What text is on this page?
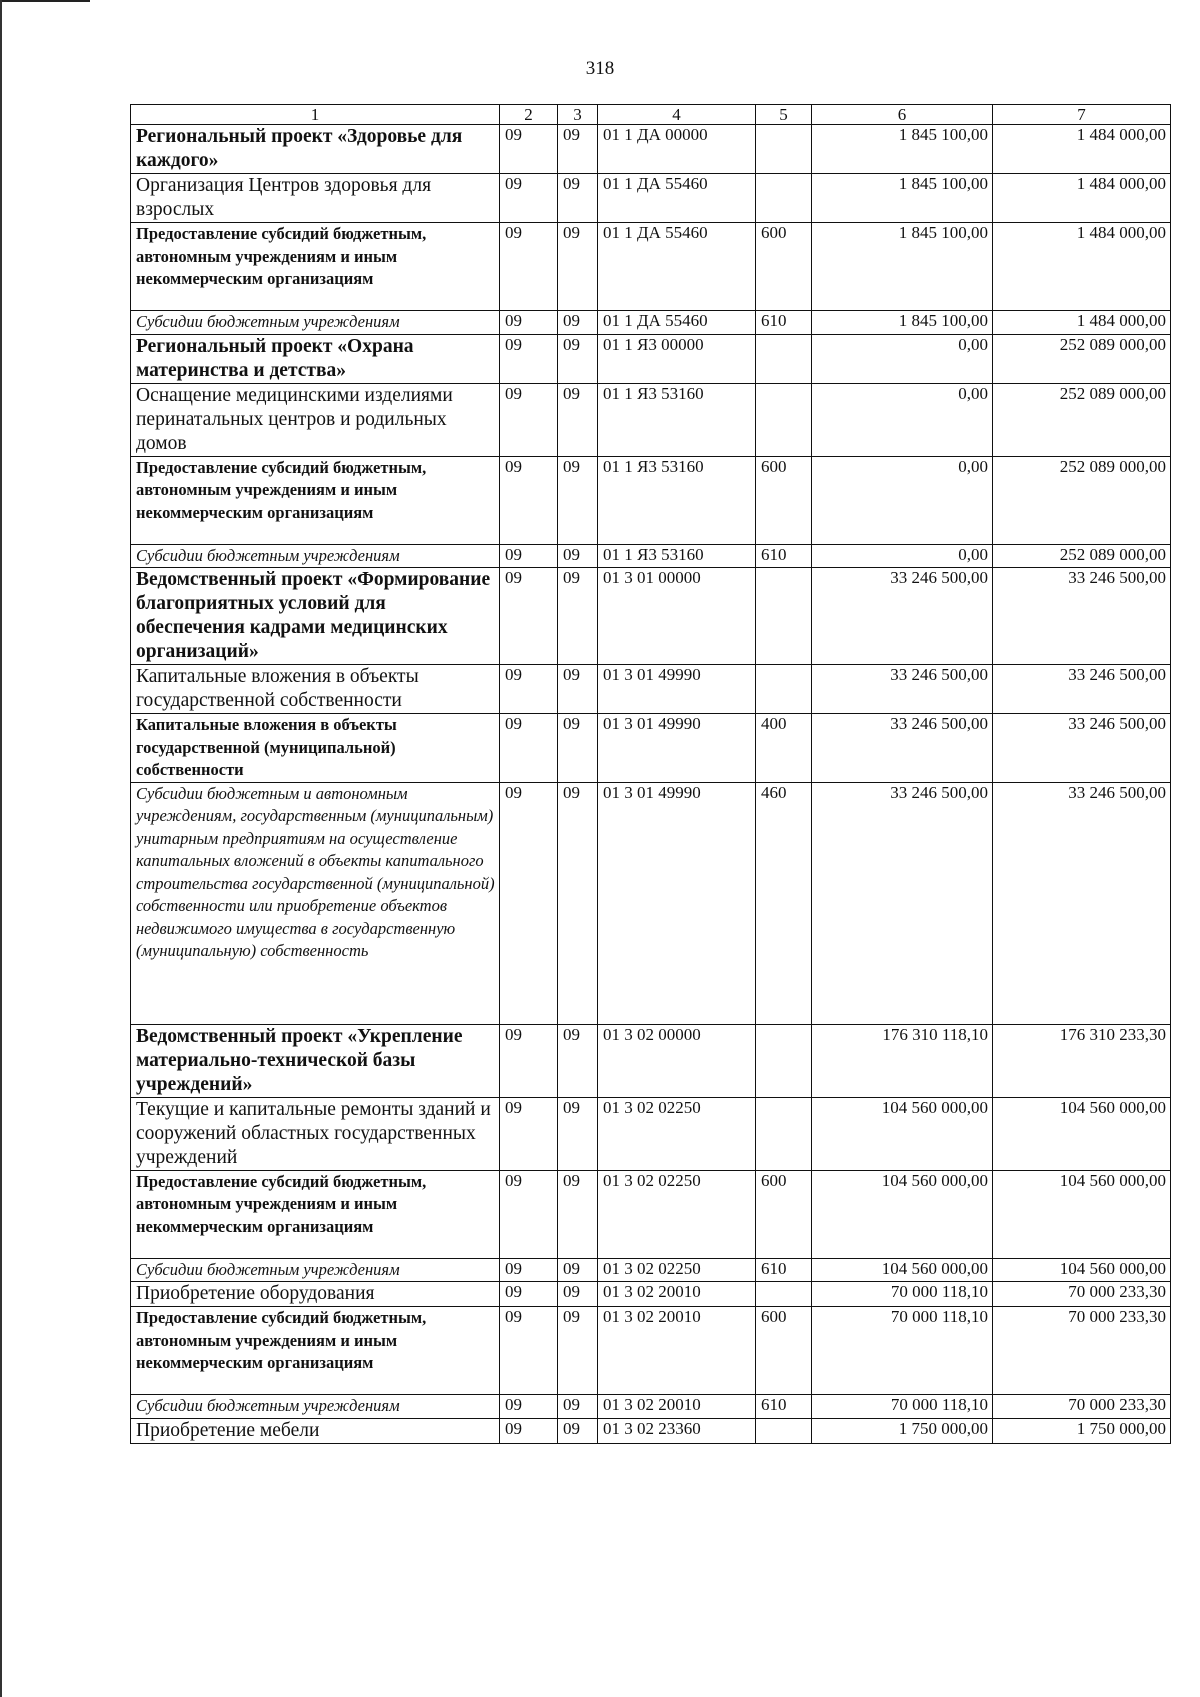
318
1	2	3	4	5	6	7
Региональный проект «Здоровье для каждого»	09	09	01 1 ДА 00000		1 845 100,00	1 484 000,00
Организация Центров здоровья для взрослых	09	09	01 1 ДА 55460		1 845 100,00	1 484 000,00
Предоставление субсидий бюджетным, автономным учреждениям и иным некоммерческим организациям	09	09	01 1 ДА 55460	600	1 845 100,00	1 484 000,00
Субсидии бюджетным учреждениям	09	09	01 1 ДА 55460	610	1 845 100,00	1 484 000,00
Региональный проект «Охрана материнства и детства»	09	09	01 1 Я3 00000		0,00	252 089 000,00
Оснащение медицинскими изделиями перинатальных центров и родильных домов	09	09	01 1 Я3 53160		0,00	252 089 000,00
Предоставление субсидий бюджетным, автономным учреждениям и иным некоммерческим организациям	09	09	01 1 Я3 53160	600	0,00	252 089 000,00
Субсидии бюджетным учреждениям	09	09	01 1 Я3 53160	610	0,00	252 089 000,00
Ведомственный проект «Формирование благоприятных условий для обеспечения кадрами медицинских организаций»	09	09	01 3 01 00000		33 246 500,00	33 246 500,00
Капитальные вложения в объекты государственной собственности	09	09	01 3 01 49990		33 246 500,00	33 246 500,00
Капитальные вложения в объекты государственной (муниципальной) собственности	09	09	01 3 01 49990	400	33 246 500,00	33 246 500,00
Субсидии бюджетным и автономным учреждениям, государственным (муниципальным) унитарным предприятиям на осуществление капитальных вложений в объекты капитального строительства государственной (муниципальной) собственности или приобретение объектов недвижимого имущества в государственную (муниципальную) собственность	09	09	01 3 01 49990	460	33 246 500,00	33 246 500,00
Ведомственный проект «Укрепление материально-технической базы учреждений»	09	09	01 3 02 00000		176 310 118,10	176 310 233,30
Текущие и капитальные ремонты зданий и сооружений областных государственных учреждений	09	09	01 3 02 02250		104 560 000,00	104 560 000,00
Предоставление субсидий бюджетным, автономным учреждениям и иным некоммерческим организациям	09	09	01 3 02 02250	600	104 560 000,00	104 560 000,00
Субсидии бюджетным учреждениям	09	09	01 3 02 02250	610	104 560 000,00	104 560 000,00
Приобретение оборудования	09	09	01 3 02 20010		70 000 118,10	70 000 233,30
Предоставление субсидий бюджетным, автономным учреждениям и иным некоммерческим организациям	09	09	01 3 02 20010	600	70 000 118,10	70 000 233,30
Субсидии бюджетным учреждениям	09	09	01 3 02 20010	610	70 000 118,10	70 000 233,30
Приобретение мебели	09	09	01 3 02 23360		1 750 000,00	1 750 000,00
